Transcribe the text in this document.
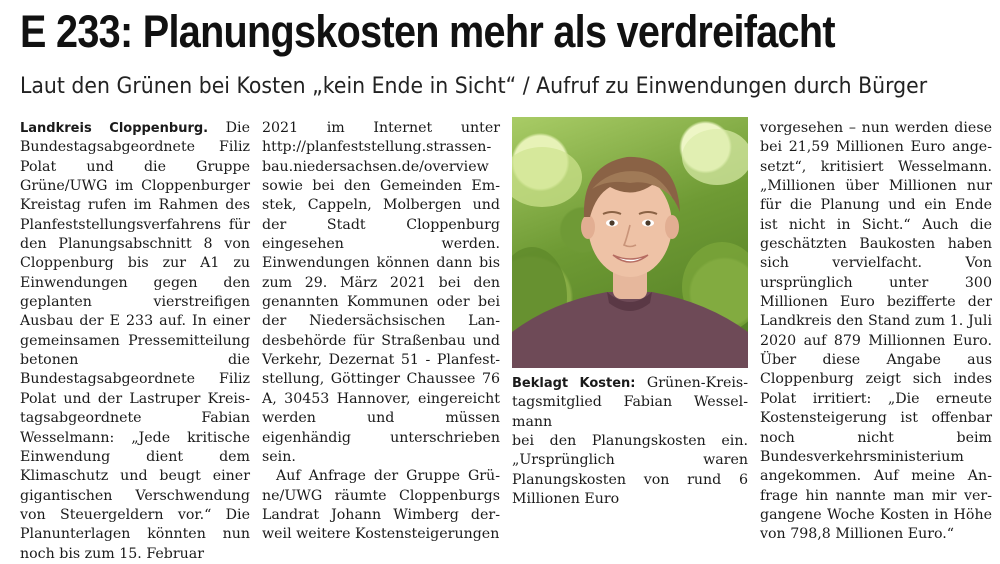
E 233: Planungskosten mehr als verdreifacht
Laut den Grünen bei Kosten „kein Ende in Sicht“ / Aufruf zu Einwendungen durch Bürger

Landkreis Cloppenburg. Die Bundestagsabgeordnete Filiz Polat und die Gruppe Grüne/UWG im Cloppenburger Kreistag rufen im Rahmen des Planfeststellungsverfahrens für den Planungsabschnitt 8 von Cloppenburg bis zur A1 zu Einwendungen gegen den geplanten vierstreifigen Ausbau der E 233 auf. In einer gemeinsamen Pressemitteilung betonen die Bundestagsabgeordnete Filiz Polat und der Lastruper Kreistagsabgeordnete Fabian Wesselmann: „Jede kritische Einwendung dient dem Klimaschutz und beugt einer gigantischen Verschwendung von Steuergeldern vor.“ Die Planunterlagen könnten nun noch bis zum 15. Februar

2021 im Internet unter http://planfeststellung.strassenbau.niedersachsen.de/overview sowie bei den Gemeinden Emstek, Cappeln, Molbergen und der Stadt Cloppenburg eingesehen werden. Einwendungen können dann bis zum 29. März 2021 bei den genannten Kommunen oder bei der Niedersächsischen Landesbehörde für Straßenbau und Verkehr, Dezernat 51 - Planfeststellung, Göttinger Chaussee 76 A, 30453 Hannover, eingereicht werden und müssen eigenhändig unterschrieben sein.

Auf Anfrage der Gruppe Grüne/UWG räumte Cloppenburgs Landrat Johann Wimberg derweil weitere Kostensteigerungen

Beklagt Kosten: Grünen-Kreistagsmitglied Fabian Wesselmann

bei den Planungskosten ein. „Ursprünglich waren Planungskosten von rund 6 Millionen Euro

vorgesehen – nun werden diese bei 21,59 Millionen Euro angesetzt“, kritisiert Wesselmann. „Millionen über Millionen nur für die Planung und ein Ende ist nicht in Sicht.“ Auch die geschätzten Baukosten haben sich vervielfacht. Von ursprünglich unter 300 Millionen Euro bezifferte der Landkreis den Stand zum 1. Juli 2020 auf 879 Millionnen Euro. Über diese Angabe aus Cloppenburg zeigt sich indes Polat irritiert: „Die erneute Kostensteigerung ist offenbar noch nicht beim Bundesverkehrsministerium angekommen. Auf meine Anfrage hin nannte man mir vergangene Woche Kosten in Höhe von 798,8 Millionen Euro.“
